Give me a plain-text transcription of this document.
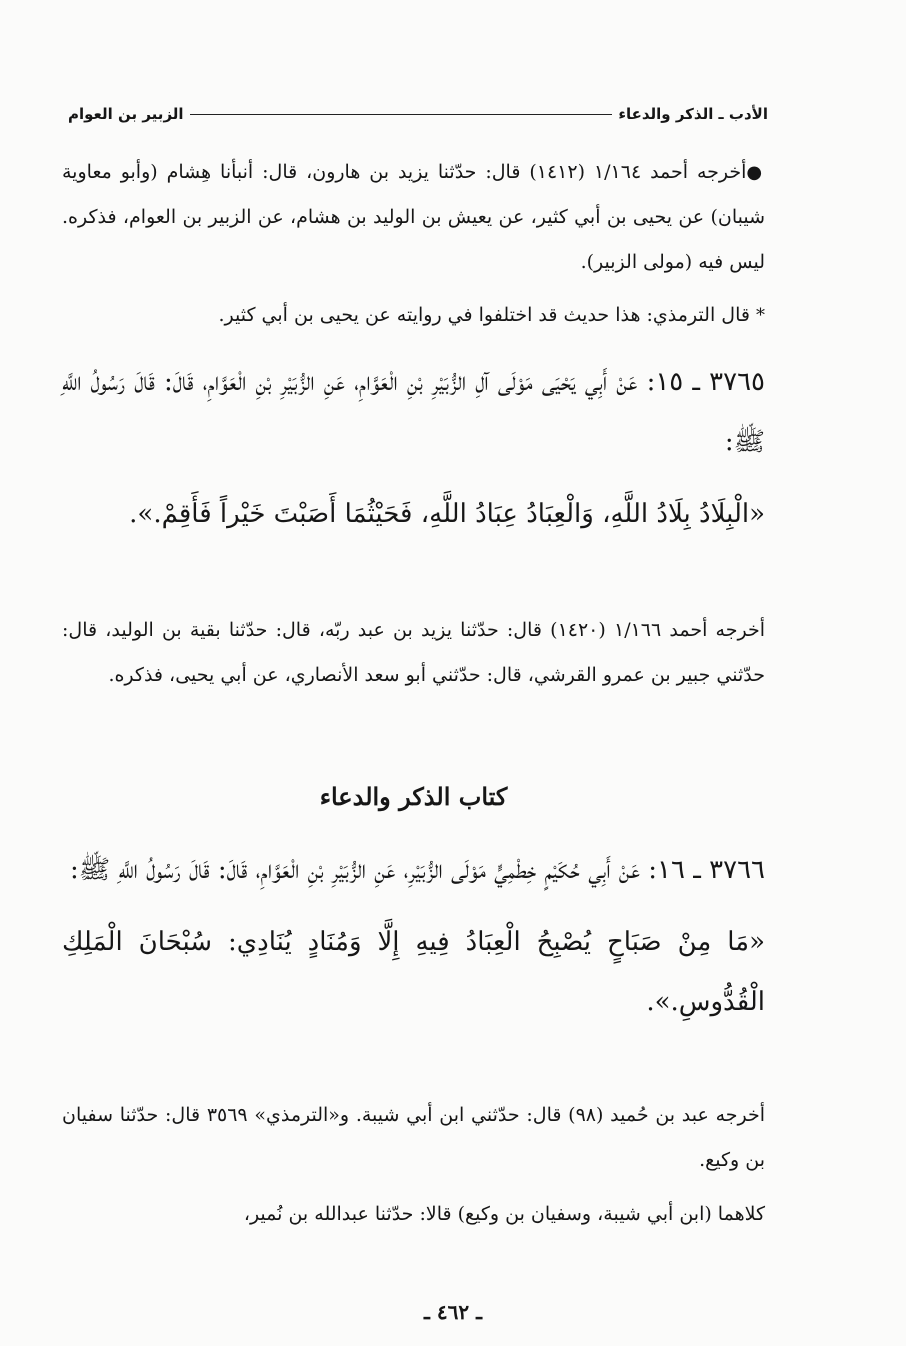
الأدب ـ الذكر والدعاء
الزبير بن العوام

●أخرجه أحمد ١/١٦٤ (١٤١٢) قال: حدّثنا يزيد بن هارون، قال: أنبأنا هِشام (وأبو معاوية شيبان) عن يحيى بن أبي كثير، عن يعيش بن الوليد بن هشام، عن الزبير بن العوام، فذكره. ليس فيه (مولى الزبير).

* قال الترمذي: هذا حديث قد اختلفوا في روايته عن يحيى بن أبي كثير.

٣٧٦٥ ـ ١٥: عَنْ أَبِي يَحْيَى مَوْلَى آلِ الزُّبَيْرِ بْنِ الْعَوَّامِ، عَنِ الزُّبَيْرِ بْنِ الْعَوَّامِ، قَالَ: قَالَ رَسُولُ اللَّهِ ﷺ:

«الْبِلَادُ بِلَادُ اللَّهِ، وَالْعِبَادُ عِبَادُ اللَّهِ، فَحَيْثُمَا أَصَبْتَ خَيْراً فَأَقِمْ.».

أخرجه أحمد ١/١٦٦ (١٤٢٠) قال: حدّثنا يزيد بن عبد ربّه، قال: حدّثنا بقية بن الوليد، قال: حدّثني جبير بن عمرو القرشي، قال: حدّثني أبو سعد الأنصاري، عن أبي يحيى، فذكره.

كتاب الذكر والدعاء

٣٧٦٦ ـ ١٦: عَنْ أَبِي حُكَيْمٍ خِطْمِيٍّ مَوْلَى الزُّبَيْرِ، عَنِ الزُّبَيْرِ بْنِ الْعَوَّامِ، قَالَ: قَالَ رَسُولُ اللَّهِ ﷺ:

«مَا مِنْ صَبَاحٍ يُصْبِحُ الْعِبَادُ فِيهِ إِلَّا وَمُنَادٍ يُنَادِي: سُبْحَانَ الْمَلِكِ الْقُدُّوسِ.».

أخرجه عبد بن حُميد (٩٨) قال: حدّثني ابن أبي شيبة. و«الترمذي» ٣٥٦٩ قال: حدّثنا سفيان بن وكيع.

كلاهما (ابن أبي شيبة، وسفيان بن وكيع) قالا: حدّثنا عبدالله بن نُمير،

ـ ٤٦٢ ـ
